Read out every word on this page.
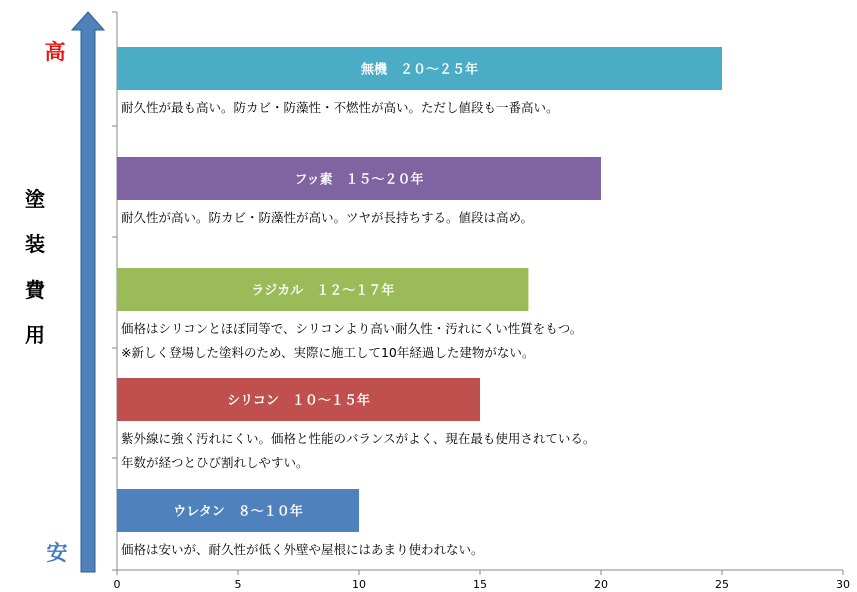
高
安
塗
装
費
用
0	5	10	15	20	25	30
無機　２０～２５年
耐久性が最も高い。防カビ・防藻性・不燃性が高い。ただし値段も一番高い。
フッ素　１５～２０年
耐久性が高い。防カビ・防藻性が高い。ツヤが長持ちする。値段は高め。
ラジカル　１２～１７年
価格はシリコンとほぼ同等で、シリコンより高い耐久性・汚れにくい性質をもつ。
※新しく登場した塗料のため、実際に施工して10年経過した建物がない。
シリコン　１０～１５年
紫外線に強く汚れにくい。価格と性能のバランスがよく、現在最も使用されている。
年数が経つとひび割れしやすい。
ウレタン　８～１０年
価格は安いが、耐久性が低く外壁や屋根にはあまり使われない。
